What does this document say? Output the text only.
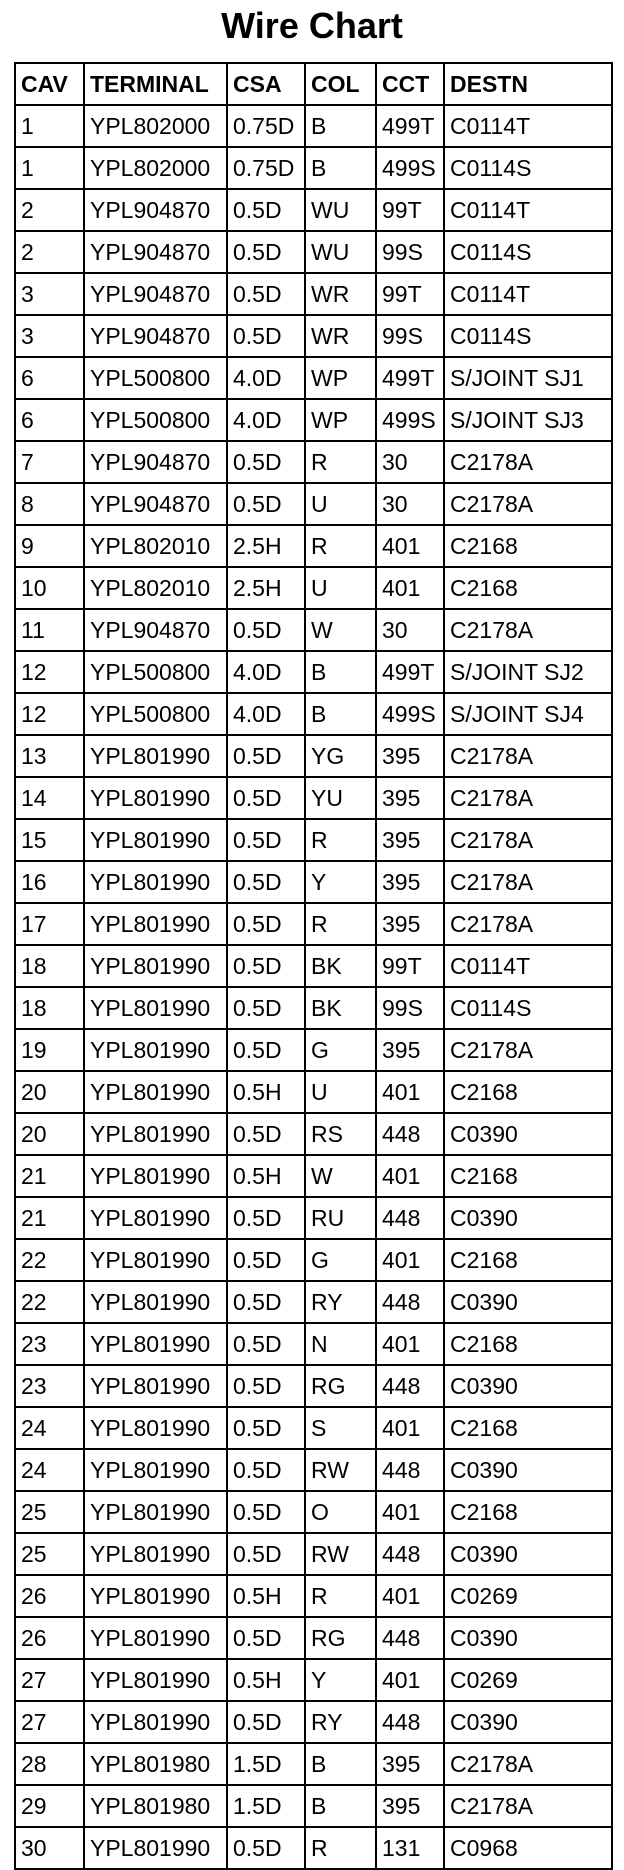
Wire Chart
CAV	TERMINAL	CSA	COL	CCT	DESTN
1	YPL802000	0.75D	B	499T	C0114T
1	YPL802000	0.75D	B	499S	C0114S
2	YPL904870	0.5D	WU	99T	C0114T
2	YPL904870	0.5D	WU	99S	C0114S
3	YPL904870	0.5D	WR	99T	C0114T
3	YPL904870	0.5D	WR	99S	C0114S
6	YPL500800	4.0D	WP	499T	S/JOINT SJ1
6	YPL500800	4.0D	WP	499S	S/JOINT SJ3
7	YPL904870	0.5D	R	30	C2178A
8	YPL904870	0.5D	U	30	C2178A
9	YPL802010	2.5H	R	401	C2168
10	YPL802010	2.5H	U	401	C2168
11	YPL904870	0.5D	W	30	C2178A
12	YPL500800	4.0D	B	499T	S/JOINT SJ2
12	YPL500800	4.0D	B	499S	S/JOINT SJ4
13	YPL801990	0.5D	YG	395	C2178A
14	YPL801990	0.5D	YU	395	C2178A
15	YPL801990	0.5D	R	395	C2178A
16	YPL801990	0.5D	Y	395	C2178A
17	YPL801990	0.5D	R	395	C2178A
18	YPL801990	0.5D	BK	99T	C0114T
18	YPL801990	0.5D	BK	99S	C0114S
19	YPL801990	0.5D	G	395	C2178A
20	YPL801990	0.5H	U	401	C2168
20	YPL801990	0.5D	RS	448	C0390
21	YPL801990	0.5H	W	401	C2168
21	YPL801990	0.5D	RU	448	C0390
22	YPL801990	0.5D	G	401	C2168
22	YPL801990	0.5D	RY	448	C0390
23	YPL801990	0.5D	N	401	C2168
23	YPL801990	0.5D	RG	448	C0390
24	YPL801990	0.5D	S	401	C2168
24	YPL801990	0.5D	RW	448	C0390
25	YPL801990	0.5D	O	401	C2168
25	YPL801990	0.5D	RW	448	C0390
26	YPL801990	0.5H	R	401	C0269
26	YPL801990	0.5D	RG	448	C0390
27	YPL801990	0.5H	Y	401	C0269
27	YPL801990	0.5D	RY	448	C0390
28	YPL801980	1.5D	B	395	C2178A
29	YPL801980	1.5D	B	395	C2178A
30	YPL801990	0.5D	R	131	C0968
